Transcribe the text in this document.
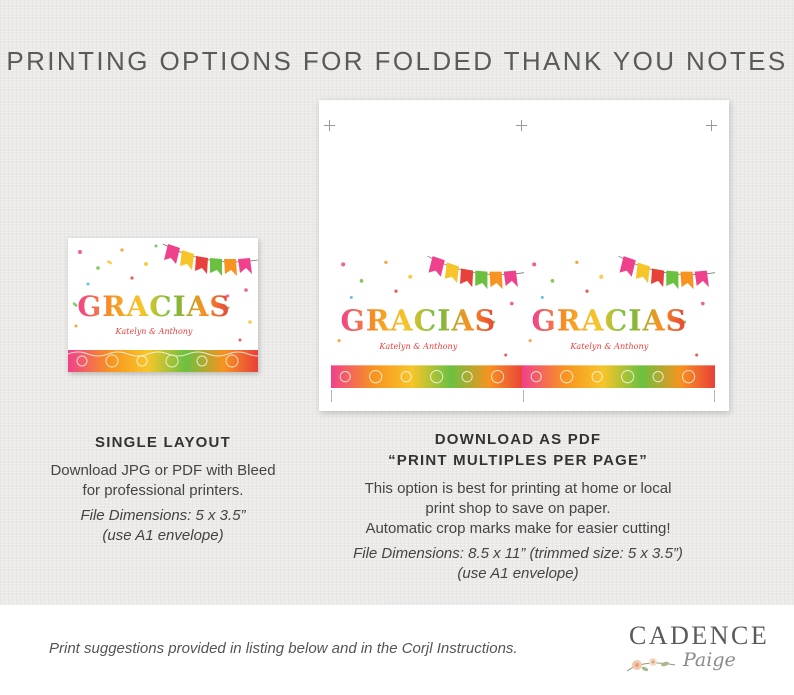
PRINTING OPTIONS FOR FOLDED THANK YOU NOTES
GRACIAS
Katelyn & Anthony	GRACIAS
Katelyn & Anthony
GRACIAS
Katelyn & Anthony
SINGLE LAYOUT
Download JPG or PDF with Bleed
for professional printers.
File Dimensions: 5 x 3.5”
(use A1 envelope)
DOWNLOAD AS PDF
“PRINT MULTIPLES PER PAGE”
This option is best for printing at home or local
print shop to save on paper.
Automatic crop marks make for easier cutting!
File Dimensions: 8.5 x 11” (trimmed size: 5 x 3.5”)
(use A1 envelope)
Print suggestions provided in listing below and in the Corjl Instructions.	CADENCE
Paige
